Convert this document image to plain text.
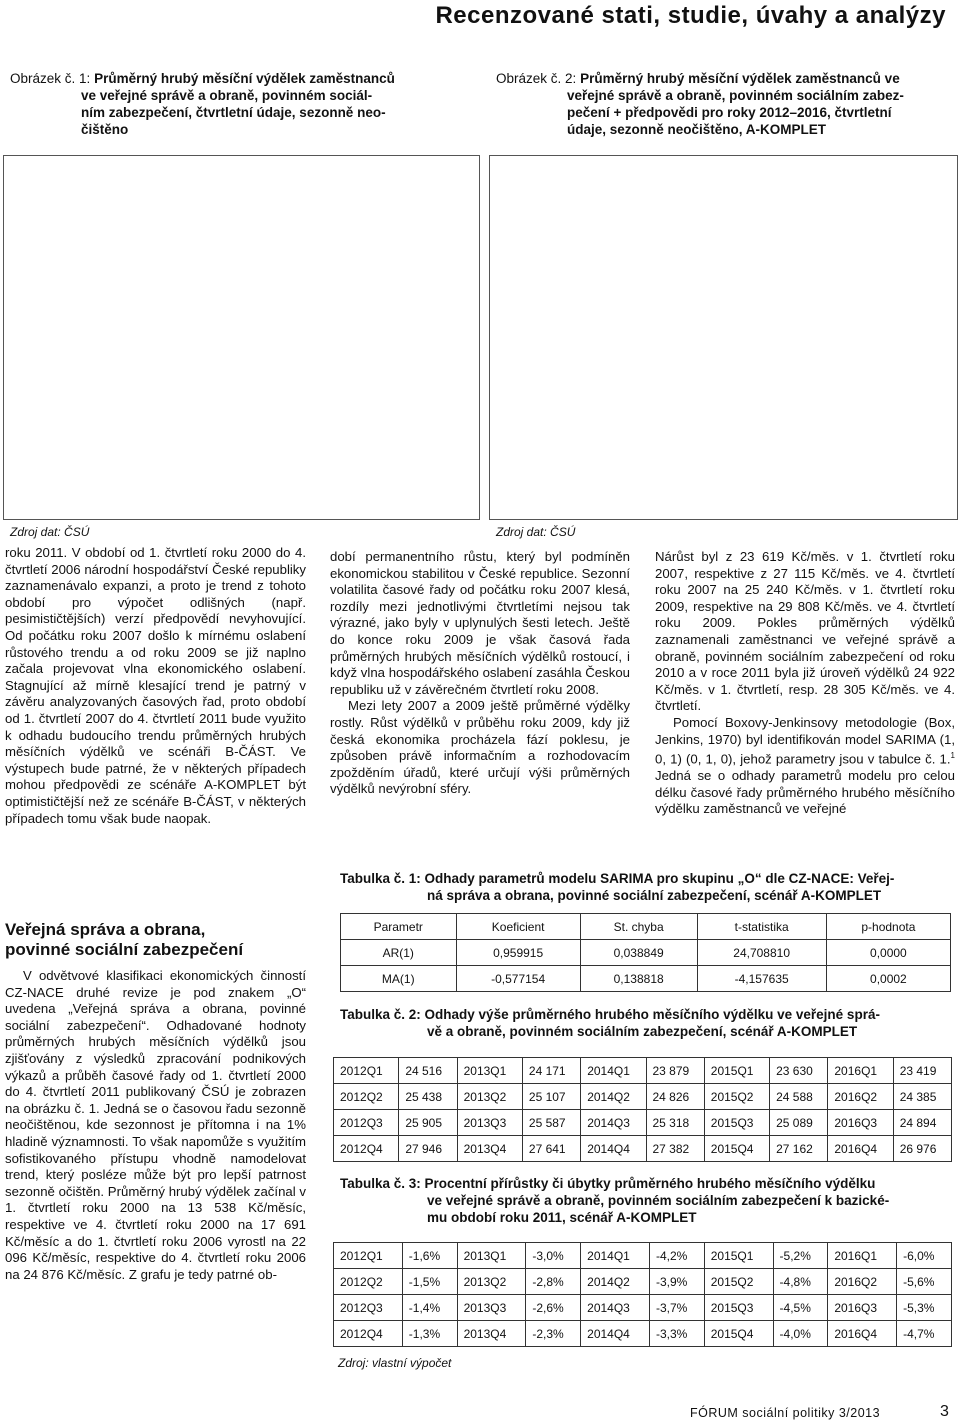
Recenzované stati, studie, úvahy a analýzy
Obrázek č. 1: Průměrný hrubý měsíční výdělek zaměstnanců
ve veřejné správě a obraně, povinném sociál-
ním zabezpečení, čtvrtletní údaje, sezonně neo-
čištěno
Zdroj dat: ČSÚ
Obrázek č. 2: Průměrný hrubý měsíční výdělek zaměstnanců ve
veřejné správě a obraně, povinném sociálním zabez-
pečení + předpovědi pro roky 2012–2016, čtvrtletní
údaje, sezonně neočištěno, A-KOMPLET
Zdroj dat: ČSÚ

roku 2011. V období od 1. čtvrtletí roku 2000 do 4. čtvrtletí 2006 národní hospodářství České republiky zaznamenávalo expanzi, a proto je trend z tohoto období pro výpočet odlišných (např. pesimističtějších) verzí předpovědí nevyhovující. Od počátku roku 2007 došlo k mírnému oslabení růstového trendu a od roku 2009 se již naplno začala projevovat vlna ekonomického oslabení. Stagnující až mírně klesající trend je patrný v závěru analyzovaných časových řad, proto období od 1. čtvrtletí 2007 do 4. čtvrtletí 2011 bude využito k odhadu budoucího trendu průměrných hrubých měsíčních výdělků ve scénáři B-ČÁST. Ve výstupech bude patrné, že v některých případech mohou předpovědi ze scénáře A-KOMPLET být optimističtější než ze scénáře B-ČÁST, v některých případech tomu však bude naopak.

Veřejná správa a obrana,
povinné sociální zabezpečení

V odvětvové klasifikaci ekonomických činností CZ-NACE druhé revize je pod znakem „O“ uvedena „Veřejná správa a obrana, povinné sociální zabezpečení“. Odhadované hodnoty průměrných hrubých měsíčních výdělků jsou zjišťovány z výsledků zpracování podnikových výkazů a průběh časové řady od 1. čtvrtletí 2000 do 4. čtvrtletí 2011 publikovaný ČSÚ je zobrazen na obrázku č. 1. Jedná se o časovou řadu sezonně neočištěnou, kde sezonnost je přítomna i na 1% hladině významnosti. To však napomůže s využitím sofistikovaného přístupu vhodně namodelovat trend, který posléze může být pro lepší patrnost sezonně očištěn. Průměrný hrubý výdělek začínal v 1. čtvrtletí roku 2000 na 13 538 Kč/měsíc, respektive ve 4. čtvrtletí roku 2000 na 17 691 Kč/měsíc a do 1. čtvrtletí roku 2006 vyrostl na 22 096 Kč/měsíc, respektive do 4. čtvrtletí roku 2006 na 24 876 Kč/měsíc. Z grafu je tedy patrné ob-

dobí permanentního růstu, který byl podmíněn ekonomickou stabilitou v České republice. Sezonní volatilita časové řady od počátku roku 2007 klesá, rozdíly mezi jednotlivými čtvrtletími nejsou tak výrazné, jako byly v uplynulých šesti letech. Ještě do konce roku 2009 je však časová řada průměrných hrubých měsíčních výdělků rostoucí, i když vlna hospodářského oslabení zasáhla Českou republiku už v závěrečném čtvrtletí roku 2008.

Mezi lety 2007 a 2009 ještě průměrné výdělky rostly. Růst výdělků v průběhu roku 2009, kdy již česká ekonomika procházela fází poklesu, je způsoben právě informačním a rozhodovacím zpožděním úřadů, které určují výši průměrných výdělků nevýrobní sféry.

Nárůst byl z 23 619 Kč/měs. v 1. čtvrtletí roku 2007, respektive z 27 115 Kč/měs. ve 4. čtvrtletí roku 2007 na 25 240 Kč/měs. v 1. čtvrtletí roku 2009, respektive na 29 808 Kč/měs. ve 4. čtvrtletí roku 2009. Pokles průměrných výdělků zaznamenali zaměstnanci ve veřejné správě a obraně, povinném sociálním zabezpečení od roku 2010 a v roce 2011 byla již úroveň výdělků 24 922 Kč/měs. v 1. čtvrtletí, resp. 28 305 Kč/měs. ve 4. čtvrtletí.

Pomocí Boxovy-Jenkinsovy metodologie (Box, Jenkins, 1970) byl identifikován model SARIMA (1, 0, 1) (0, 1, 0), jehož parametry jsou v tabulce č. 1.$^1$ Jedná se o odhady parametrů modelu pro celou délku časové řady průměrného hrubého měsíčního výdělku zaměstnanců ve veřejné

Tabulka č. 1: Odhady parametrů modelu SARIMA pro skupinu „O“ dle CZ-NACE: Veřej-
ná správa a obrana, povinné sociální zabezpečení, scénář A-KOMPLET
Parametr	Koeficient	St. chyba	t-statistika	p-hodnota
AR(1)	0,959915	0,038849	24,708810	0,0000
MA(1)	-0,577154	0,138818	-4,157635	0,0002
Tabulka č. 2: Odhady výše průměrného hrubého měsíčního výdělku ve veřejné sprá-
vě a obraně, povinném sociálním zabezpečení, scénář A-KOMPLET
2012Q1	24 516	2013Q1	24 171	2014Q1	23 879	2015Q1	23 630	2016Q1	23 419
2012Q2	25 438	2013Q2	25 107	2014Q2	24 826	2015Q2	24 588	2016Q2	24 385
2012Q3	25 905	2013Q3	25 587	2014Q3	25 318	2015Q3	25 089	2016Q3	24 894
2012Q4	27 946	2013Q4	27 641	2014Q4	27 382	2015Q4	27 162	2016Q4	26 976
Tabulka č. 3: Procentní přírůstky či úbytky průměrného hrubého měsíčního výdělku
ve veřejné správě a obraně, povinném sociálním zabezpečení k bazické-
mu období roku 2011, scénář A-KOMPLET
2012Q1	-1,6%	2013Q1	-3,0%	2014Q1	-4,2%	2015Q1	-5,2%	2016Q1	-6,0%
2012Q2	-1,5%	2013Q2	-2,8%	2014Q2	-3,9%	2015Q2	-4,8%	2016Q2	-5,6%
2012Q3	-1,4%	2013Q3	-2,6%	2014Q3	-3,7%	2015Q3	-4,5%	2016Q3	-5,3%
2012Q4	-1,3%	2013Q4	-2,3%	2014Q4	-3,3%	2015Q4	-4,0%	2016Q4	-4,7%
Zdroj: vlastní výpočet
FÓRUM sociální politiky 3/2013	3
